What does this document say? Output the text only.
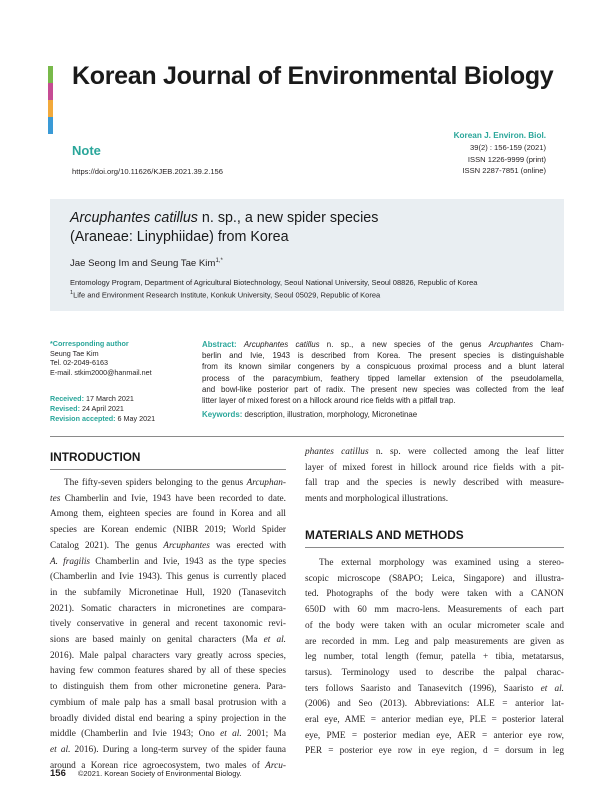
Korean Journal of Environmental Biology
Note
https://doi.org/10.11626/KJEB.2021.39.2.156
Korean J. Environ. Biol.
39(2) : 156-159 (2021)
ISSN 1226-9999 (print)
ISSN 2287-7851 (online)
Arcuphantes catillus n. sp., a new spider species
(Araneae: Linyphiidae) from Korea
Jae Seong Im and Seung Tae Kim$^{1,*}$
Entomology Program, Department of Agricultural Biotechnology, Seoul National University, Seoul 08826, Republic of Korea
$^1$Life and Environment Research Institute, Konkuk University, Seoul 05029, Republic of Korea
*Corresponding author
Seung Tae Kim
Tel. 02-2049-6163
E-mail. stkim2000@hanmail.net
Received: 17 March 2021
Revised: 24 April 2021
Revision accepted: 6 May 2021
Abstract: Arcuphantes catillus n. sp., a new species of the genus Arcuphantes Cham-
berlin and Ivie, 1943 is described from Korea. The present species is distinguishable
from its known similar congeners by a conspicuous proximal process and a blunt lateral
process of the paracymbium, feathery tipped lamellar extension of the pseudolamella,
and bowl-like posterior part of radix. The present new species was collected from the leaf
litter layer of mixed forest on a hillock around rice fields with a pitfall trap.
Keywords: description, illustration, morphology, Micronetinae
INTRODUCTION
MATERIALS AND METHODS
The fifty-seven spiders belonging to the genus Arcuphan-
tes Chamberlin and Ivie, 1943 have been recorded to date.
Among them, eighteen species are found in Korea and all
species are Korean endemic (NIBR 2019; World Spider
Catalog 2021). The genus Arcuphantes was erected with
A. fragilis Chamberlin and Ivie, 1943 as the type species
(Chamberlin and Ivie 1943). This genus is currently placed
in the subfamily Micronetinae Hull, 1920 (Tanasevitch
2021). Somatic characters in micronetines are compara-
tively conservative in general and recent taxonomic revi-
sions are based mainly on genital characters (Ma et al.
2016). Male palpal characters vary greatly across species,
having few common features shared by all of these species
to distinguish them from other micronetine genera. Para-
cymbium of male palp has a small basal protrusion with a
broadly divided distal end bearing a spiny projection in the
middle (Chamberlin and Ivie 1943; Ono et al. 2001; Ma
et al. 2016). During a long-term survey of the spider fauna
around a Korean rice agroecosystem, two males of Arcu-
phantes catillus n. sp. were collected among the leaf litter
layer of mixed forest in hillock around rice fields with a pit-
fall trap and the species is newly described with measure-
ments and morphological illustrations.
The external morphology was examined using a stereo-
scopic microscope (S8APO; Leica, Singapore) and illustra-
ted. Photographs of the body were taken with a CANON
650D with 60 mm macro-lens. Measurements of each part
of the body were taken with an ocular micrometer scale and
are recorded in mm. Leg and palp measurements are given as
leg number, total length (femur, patella + tibia, metatarsus,
tarsus). Terminology used to describe the palpal charac-
ters follows Saaristo and Tanasevitch (1996), Saaristo et al.
(2006) and Seo (2013). Abbreviations: ALE = anterior lat-
eral eye, AME = anterior median eye, PLE = posterior lateral
eye, PME = posterior median eye, AER = anterior eye row,
PER = posterior eye row in eye region, d = dorsum in leg
156 ©2021. Korean Society of Environmental Biology.
